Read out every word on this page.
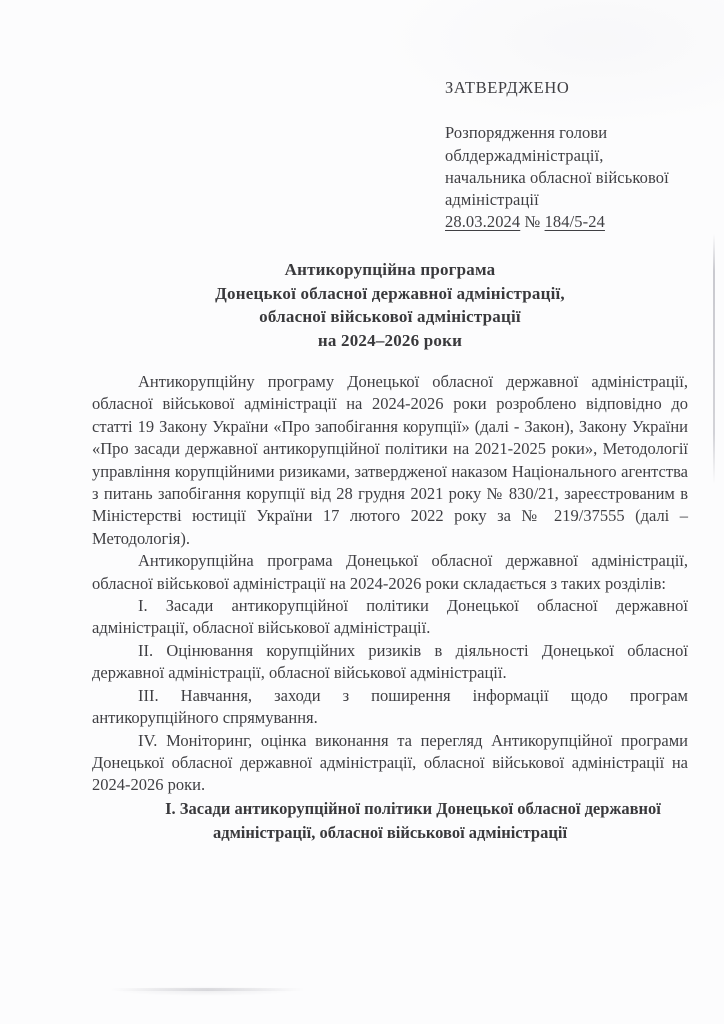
ЗАТВЕРДЖЕНО
Розпорядження голови
облдержадміністрації,
начальника обласної військової
адміністрації
28.03.2024 № 184/5-24
Антикорупційна програма
Донецької обласної державної адміністрації,
обласної військової адміністрації
на 2024–2026 роки

Антикорупційну програму Донецької обласної державної адміністрації, обласної військової адміністрації на 2024-2026 роки розроблено відповідно до статті 19 Закону України «Про запобігання корупції» (далі - Закон), Закону України «Про засади державної антикорупційної політики на 2021-2025 роки», Методології управління корупційними ризиками, затвердженої наказом Національного агентства з питань запобігання корупції від 28 грудня 2021 року № 830/21, зареєстрованим в Міністерстві юстиції України 17 лютого 2022 року за № 219/37555 (далі – Методологія).

Антикорупційна програма Донецької обласної державної адміністрації, обласної військової адміністрації на 2024-2026 роки складається з таких розділів:

I. Засади антикорупційної політики Донецької обласної державної адміністрації, обласної військової адміністрації.

II. Оцінювання корупційних ризиків в діяльності Донецької обласної державної адміністрації, обласної військової адміністрації.

III. Навчання, заходи з поширення інформації щодо програм антикорупційного спрямування.

IV. Моніторинг, оцінка виконання та перегляд Антикорупційної програми Донецької обласної державної адміністрації, обласної військової адміністрації на 2024-2026 роки.

I. Засади антикорупційної політики Донецької обласної державної адміністрації, обласної військової адміністрації
